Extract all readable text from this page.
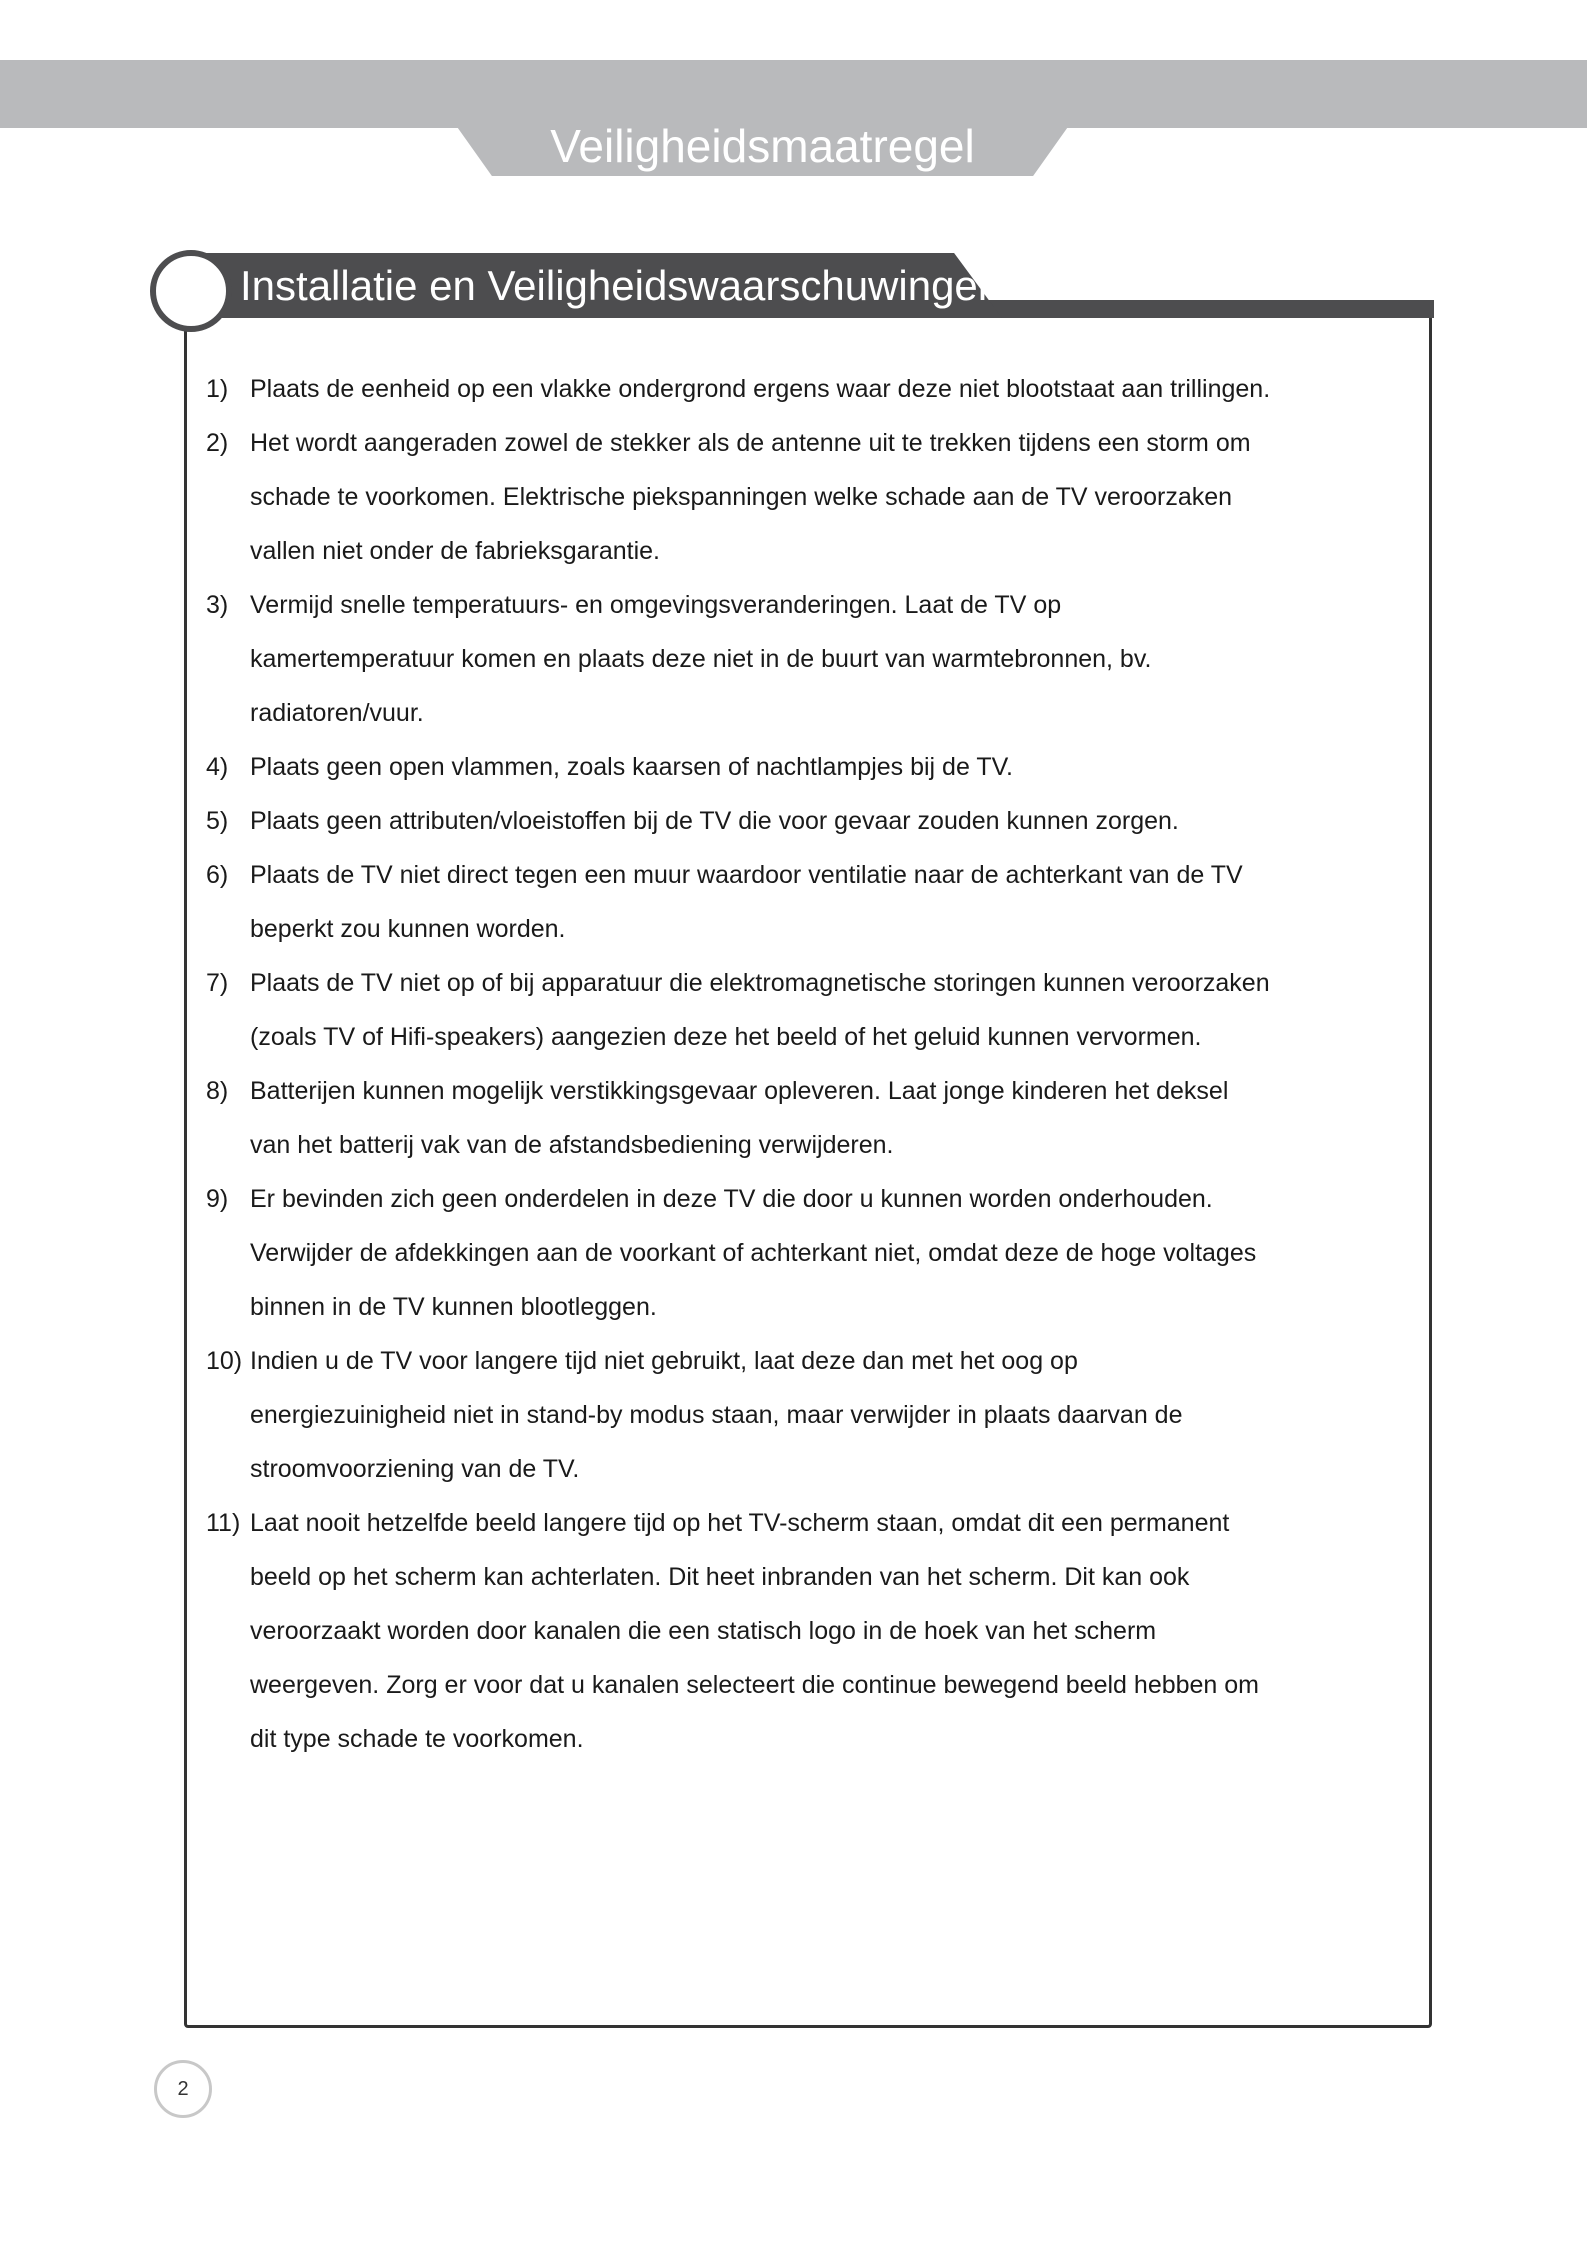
Veiligheidsmaatregel
Installatie en Veiligheidswaarschuwingen
1) Plaats de eenheid op een vlakke ondergrond ergens waar deze niet blootstaat aan trillingen.
2) Het wordt aangeraden zowel de stekker als de antenne uit te trekken tijdens een storm om
schade te voorkomen. Elektrische piekspanningen welke schade aan de TV veroorzaken
vallen niet onder de fabrieksgarantie.
3) Vermijd snelle temperatuurs- en omgevingsveranderingen. Laat de TV op
kamertemperatuur komen en plaats deze niet in de buurt van warmtebronnen, bv.
radiatoren/vuur.
4) Plaats geen open vlammen, zoals kaarsen of nachtlampjes bij de TV.
5) Plaats geen attributen/vloeistoffen bij de TV die voor gevaar zouden kunnen zorgen.
6) Plaats de TV niet direct tegen een muur waardoor ventilatie naar de achterkant van de TV
beperkt zou kunnen worden.
7) Plaats de TV niet op of bij apparatuur die elektromagnetische storingen kunnen veroorzaken
(zoals TV of Hifi-speakers) aangezien deze het beeld of het geluid kunnen vervormen.
8) Batterijen kunnen mogelijk verstikkingsgevaar opleveren. Laat jonge kinderen het deksel
van het batterij vak van de afstandsbediening verwijderen.
9) Er bevinden zich geen onderdelen in deze TV die door u kunnen worden onderhouden.
Verwijder de afdekkingen aan de voorkant of achterkant niet, omdat deze de hoge voltages
binnen in de TV kunnen blootleggen.
10) Indien u de TV voor langere tijd niet gebruikt, laat deze dan met het oog op
energiezuinigheid niet in stand-by modus staan, maar verwijder in plaats daarvan de
stroomvoorziening van de TV.
11) Laat nooit hetzelfde beeld langere tijd op het TV-scherm staan, omdat dit een permanent
beeld op het scherm kan achterlaten. Dit heet inbranden van het scherm. Dit kan ook
veroorzaakt worden door kanalen die een statisch logo in de hoek van het scherm
weergeven. Zorg er voor dat u kanalen selecteert die continue bewegend beeld hebben om
dit type schade te voorkomen.
2
